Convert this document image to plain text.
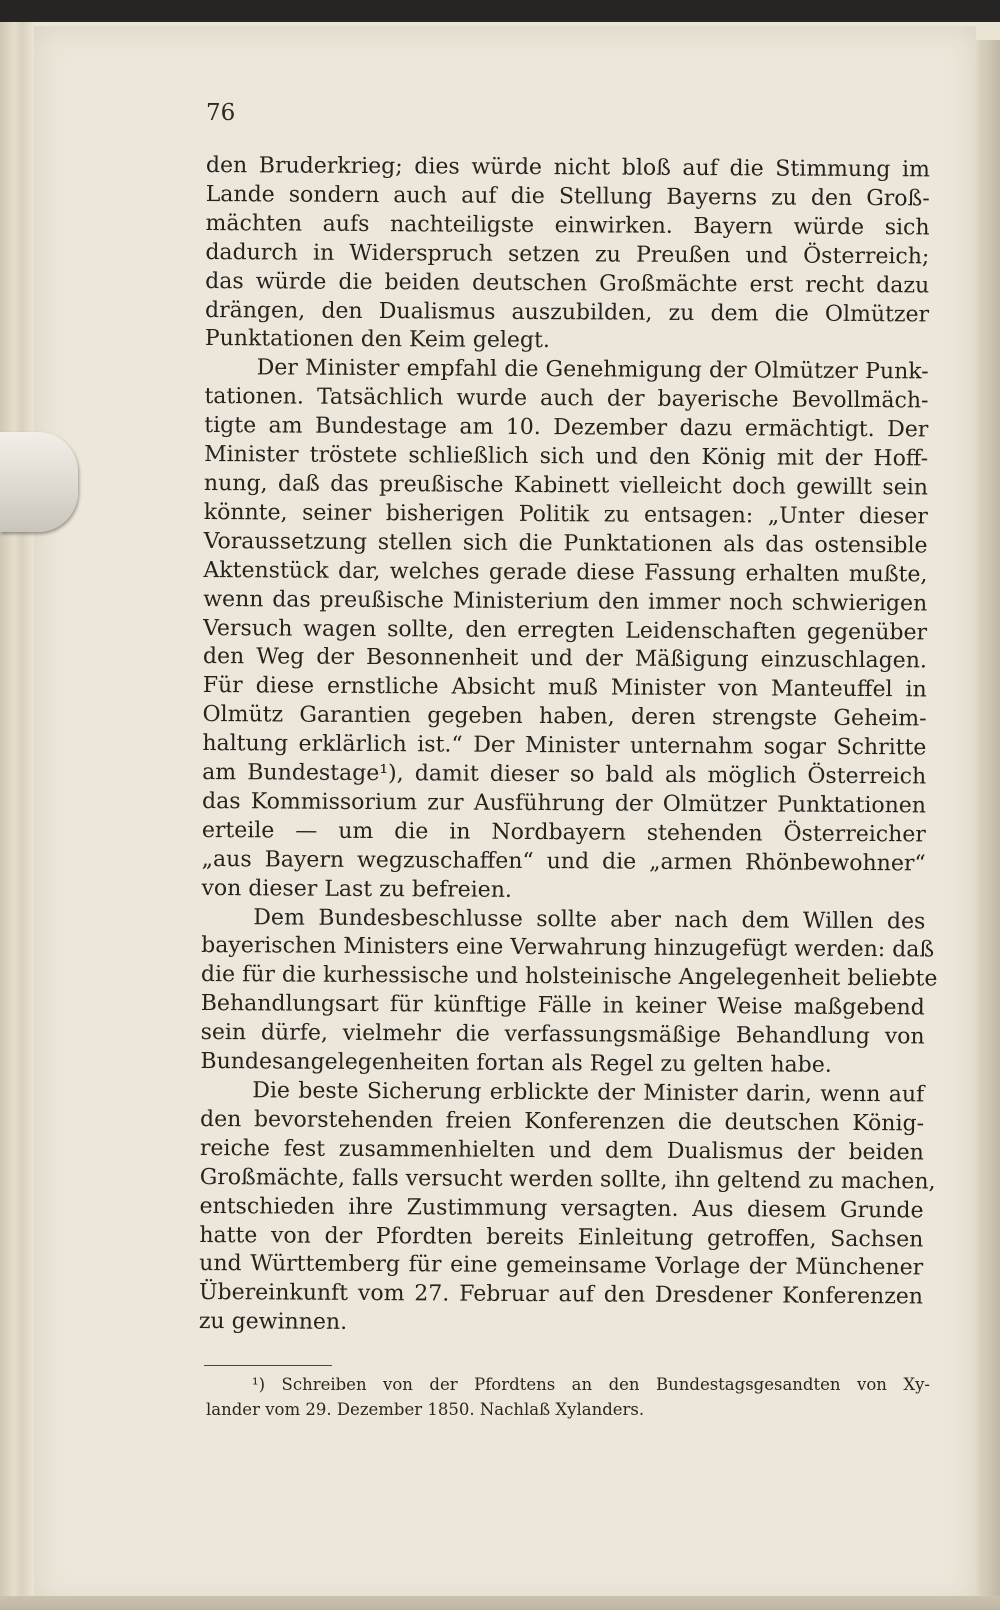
76

den Bruderkrieg; dies würde nicht bloß auf die Stimmung im
Lande sondern auch auf die Stellung Bayerns zu den Groß-
mächten aufs nachteiligste einwirken. Bayern würde sich
dadurch in Widerspruch setzen zu Preußen und Österreich;
das würde die beiden deutschen Großmächte erst recht dazu
drängen, den Dualismus auszubilden, zu dem die Olmützer
Punktationen den Keim gelegt.

Der Minister empfahl die Genehmigung der Olmützer Punk-
tationen. Tatsächlich wurde auch der bayerische Bevollmäch-
tigte am Bundestage am 10. Dezember dazu ermächtigt. Der
Minister tröstete schließlich sich und den König mit der Hoff-
nung, daß das preußische Kabinett vielleicht doch gewillt sein
könnte, seiner bisherigen Politik zu entsagen: „Unter dieser
Voraussetzung stellen sich die Punktationen als das ostensible
Aktenstück dar, welches gerade diese Fassung erhalten mußte,
wenn das preußische Ministerium den immer noch schwierigen
Versuch wagen sollte, den erregten Leidenschaften gegenüber
den Weg der Besonnenheit und der Mäßigung einzuschlagen.
Für diese ernstliche Absicht muß Minister von Manteuffel in
Olmütz Garantien gegeben haben, deren strengste Geheim-
haltung erklärlich ist.“ Der Minister unternahm sogar Schritte
am Bundestage¹), damit dieser so bald als möglich Österreich
das Kommissorium zur Ausführung der Olmützer Punktationen
erteile — um die in Nordbayern stehenden Österreicher
„aus Bayern wegzuschaffen“ und die „armen Rhönbewohner“
von dieser Last zu befreien.

Dem Bundesbeschlusse sollte aber nach dem Willen des
bayerischen Ministers eine Verwahrung hinzugefügt werden: daß
die für die kurhessische und holsteinische Angelegenheit beliebte
Behandlungsart für künftige Fälle in keiner Weise maßgebend
sein dürfe, vielmehr die verfassungsmäßige Behandlung von
Bundesangelegenheiten fortan als Regel zu gelten habe.

Die beste Sicherung erblickte der Minister darin, wenn auf
den bevorstehenden freien Konferenzen die deutschen König-
reiche fest zusammenhielten und dem Dualismus der beiden
Großmächte, falls versucht werden sollte, ihn geltend zu machen,
entschieden ihre Zustimmung versagten. Aus diesem Grunde
hatte von der Pfordten bereits Einleitung getroffen, Sachsen
und Württemberg für eine gemeinsame Vorlage der Münchener
Übereinkunft vom 27. Februar auf den Dresdener Konferenzen
zu gewinnen.

¹) Schreiben von der Pfordtens an den Bundestagsgesandten von Xy-
lander vom 29. Dezember 1850. Nachlaß Xylanders.
